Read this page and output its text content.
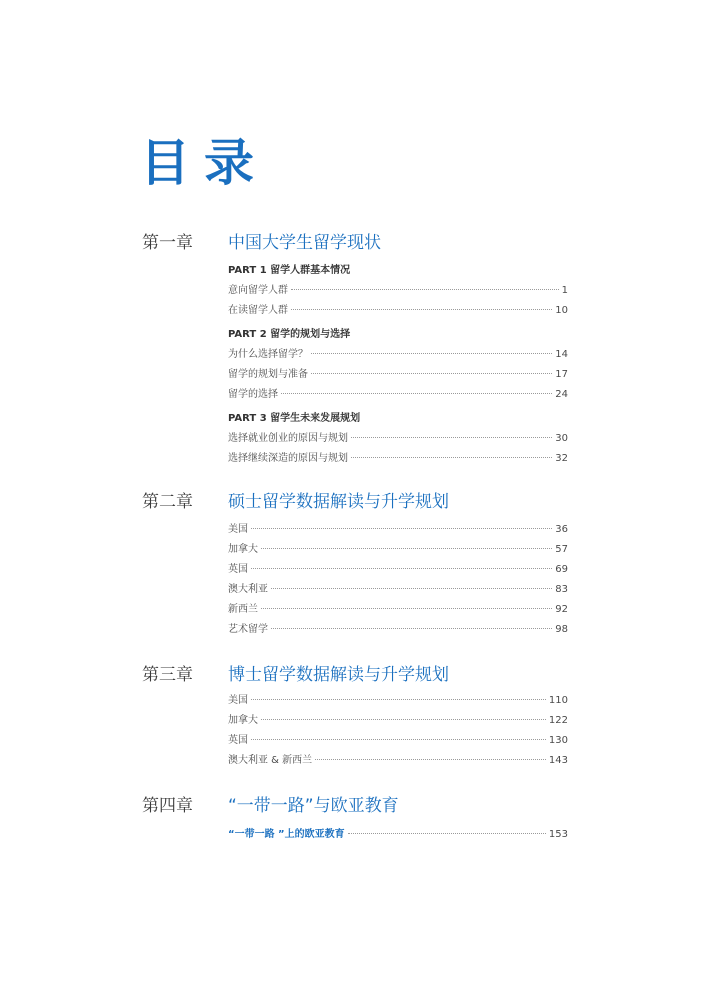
目录
第一章 中国大学生留学现状
PART 1 留学人群基本情况
意向留学人群	1
在读留学人群	10
PART 2 留学的规划与选择
为什么选择留学？	14
留学的规划与准备	17
留学的选择	24
PART 3 留学生未来发展规划
选择就业创业的原因与规划	30
选择继续深造的原因与规划	32
第二章 硕士留学数据解读与升学规划
美国	36
加拿大	57
英国	69
澳大利亚	83
新西兰	92
艺术留学	98
第三章 博士留学数据解读与升学规划
美国	110
加拿大	122
英国	130
澳大利亚 & 新西兰	143
第四章 “一带一路”与欧亚教育
“一带一路 ”上的欧亚教育	153
